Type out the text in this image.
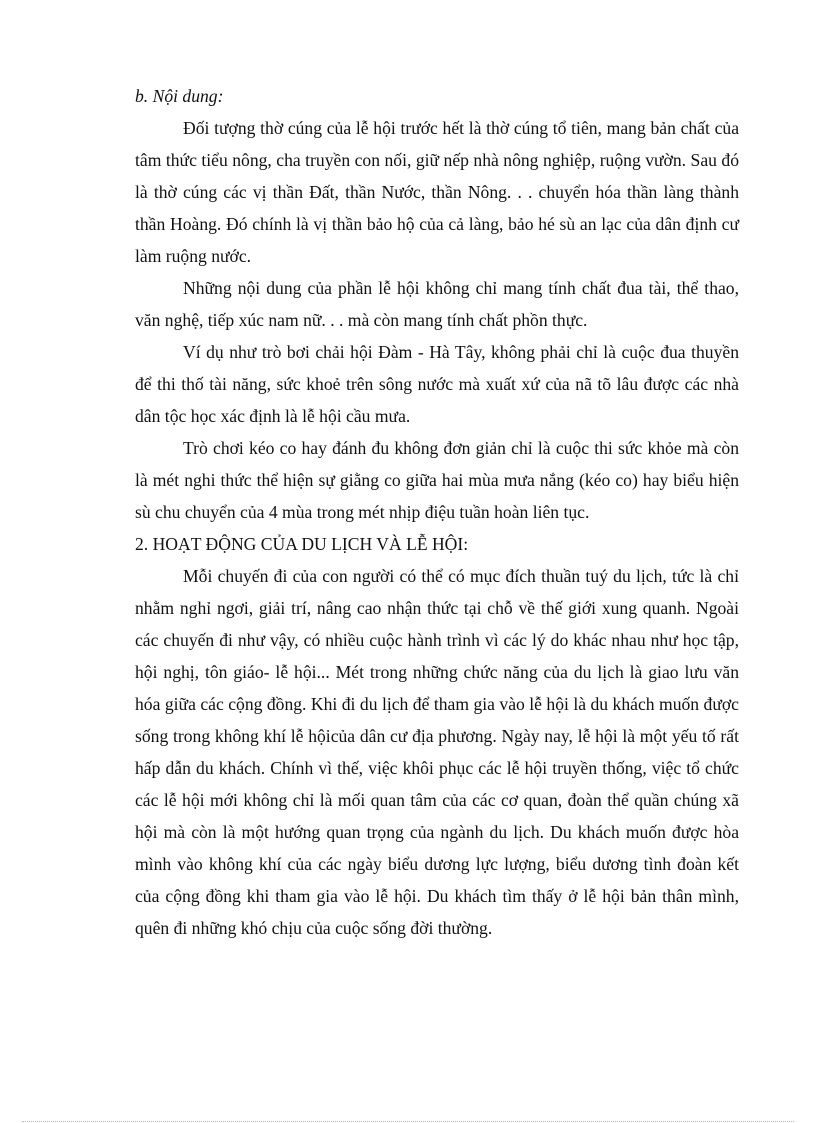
b. Nội dung:

Đối tượng thờ cúng của lễ hội trước hết là thờ cúng tổ tiên, mang bản chất của tâm thức tiểu nông, cha truyền con nối, giữ nếp nhà nông nghiệp, ruộng vườn. Sau đó là thờ cúng các vị thần Đất, thần Nước, thần Nông. . . chuyển hóa thần làng thành thần Hoàng. Đó chính là vị thần bảo hộ của cả làng, bảo hé sù an lạc của dân định cư làm ruộng nước.

Những nội dung của phần lễ hội không chỉ mang tính chất đua tài, thể thao, văn nghệ, tiếp xúc nam nữ. . . mà còn mang tính chất phồn thực.

Ví dụ như trò bơi chải hội Đàm - Hà Tây, không phải chỉ là cuộc đua thuyền để thi thố tài năng, sức khoẻ trên sông nước mà xuất xứ của nã tõ lâu được các nhà dân tộc học xác định là lễ hội cầu mưa.

Trò chơi kéo co hay đánh đu không đơn giản chỉ là cuộc thi sức khỏe mà còn là mét nghi thức thể hiện sự giằng co giữa hai mùa mưa nắng (kéo co) hay biểu hiện sù chu chuyển của 4 mùa trong mét nhịp điệu tuần hoàn liên tục.

2. HOẠT ĐỘNG CỦA DU LỊCH VÀ LỄ HỘI:

Mỗi chuyến đi của con người có thể có mục đích thuần tuý du lịch, tức là chỉ nhằm nghỉ ngơi, giải trí, nâng cao nhận thức tại chỗ về thế giới xung quanh. Ngoài các chuyến đi như vậy, có nhiều cuộc hành trình vì các lý do khác nhau như học tập, hội nghị, tôn giáo- lễ hội... Mét trong những chức năng của du lịch là giao lưu văn hóa giữa các cộng đồng. Khi đi du lịch để tham gia vào lễ hội là du khách muốn được sống trong không khí lễ hộicủa dân cư địa phương. Ngày nay, lễ hội là một yếu tố rất hấp dẫn du khách. Chính vì thế, việc khôi phục các lễ hội truyền thống, việc tổ chức các lễ hội mới không chỉ là mối quan tâm của các cơ quan, đoàn thể quần chúng xã hội mà còn là một hướng quan trọng của ngành du lịch. Du khách muốn được hòa mình vào không khí của các ngày biểu dương lực lượng, biểu dương tình đoàn kết của cộng đồng khi tham gia vào lễ hội. Du khách tìm thấy ở lễ hội bản thân mình, quên đi những khó chịu của cuộc sống đời thường.
